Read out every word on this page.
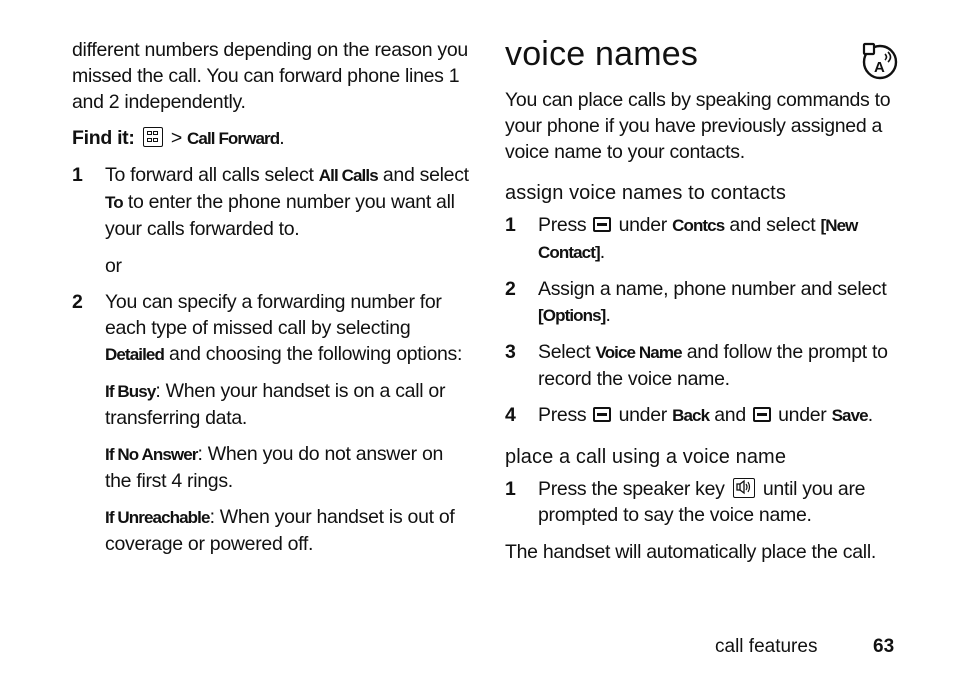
different numbers depending on the reason you missed the call. You can forward phone lines 1 and 2 independently.

Find it: > Call Forward.

1 To forward all calls select All Calls and select To to enter the phone number you want all your calls forwarded to.

or

2 You can specify a forwarding number for each type of missed call by selecting Detailed and choosing the following options:

If Busy: When your handset is on a call or transferring data.

If No Answer: When you do not answer on the first 4 rings.

If Unreachable: When your handset is out of coverage or powered off.

voice names	A

You can place calls by speaking commands to your phone if you have previously assigned a voice name to your contacts.

assign voice names to contacts

1 Press  under Contcs and select [New Contact].
2 Assign a name, phone number and select [Options].
3 Select Voice Name and follow the prompt to record the voice name.
4 Press  under Back and  under Save.

place a call using a voice name

1 Press the speaker key
until you are prompted to say the voice name.

The handset will automatically place the call.

call features	63
